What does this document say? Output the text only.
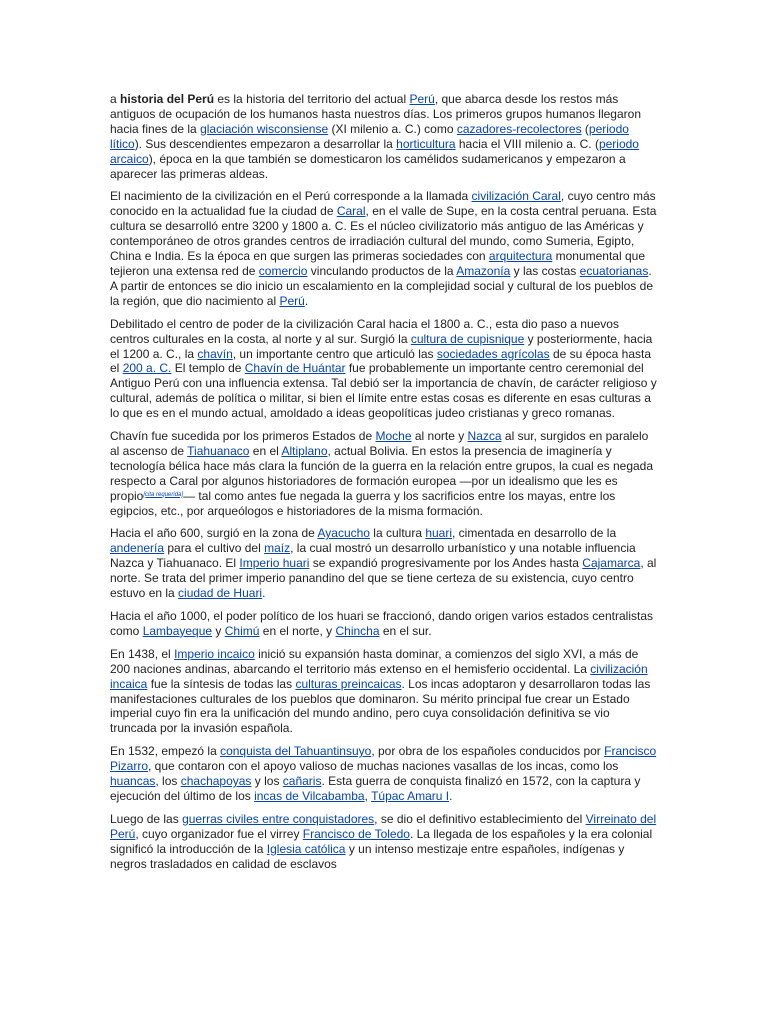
a historia del Perú es la historia del territorio del actual Perú, que abarca desde los restos más antiguos de ocupación de los humanos hasta nuestros días. Los primeros grupos humanos llegaron hacia fines de la glaciación wisconsiense (XI milenio a. C.) como cazadores-recolectores (periodo lítico). Sus descendientes empezaron a desarrollar la horticultura hacia el VIII milenio a. C. (periodo arcaico), época en la que también se domesticaron los camélidos sudamericanos y empezaron a aparecer las primeras aldeas.

El nacimiento de la civilización en el Perú corresponde a la llamada civilización Caral, cuyo centro más conocido en la actualidad fue la ciudad de Caral, en el valle de Supe, en la costa central peruana. Esta cultura se desarrolló entre 3200 y 1800 a. C. Es el núcleo civilizatorio más antiguo de las Américas y contemporáneo de otros grandes centros de irradiación cultural del mundo, como Sumeria, Egipto, China e India. Es la época en que surgen las primeras sociedades con arquitectura monumental que tejieron una extensa red de comercio vinculando productos de la Amazonía y las costas ecuatorianas. A partir de entonces se dio inicio un escalamiento en la complejidad social y cultural de los pueblos de la región, que dio nacimiento al Perú.

Debilitado el centro de poder de la civilización Caral hacia el 1800 a. C., esta dio paso a nuevos centros culturales en la costa, al norte y al sur. Surgió la cultura de cupisnique y posteriormente, hacia el 1200 a. C., la chavín, un importante centro que articuló las sociedades agrícolas de su época hasta el 200 a. C. El templo de Chavín de Huántar fue probablemente un importante centro ceremonial del Antiguo Perú con una influencia extensa. Tal debió ser la importancia de chavín, de carácter religioso y cultural, además de política o militar, si bien el límite entre estas cosas es diferente en esas culturas a lo que es en el mundo actual, amoldado a ideas geopolíticas judeo cristianas y greco romanas.

Chavín fue sucedida por los primeros Estados de Moche al norte y Nazca al sur, surgidos en paralelo al ascenso de Tiahuanaco en el Altiplano, actual Bolivia. En estos la presencia de imaginería y tecnología bélica hace más clara la función de la guerra en la relación entre grupos, la cual es negada respecto a Caral por algunos historiadores de formación europea —por un idealismo que les es propio[cita requerida]— tal como antes fue negada la guerra y los sacrificios entre los mayas, entre los egipcios, etc., por arqueólogos e historiadores de la misma formación.

Hacia el año 600, surgió en la zona de Ayacucho la cultura huari, cimentada en desarrollo de la andenería para el cultivo del maíz, la cual mostró un desarrollo urbanístico y una notable influencia Nazca y Tiahuanaco. El Imperio huari se expandió progresivamente por los Andes hasta Cajamarca, al norte. Se trata del primer imperio panandino del que se tiene certeza de su existencia, cuyo centro estuvo en la ciudad de Huari.

Hacia el año 1000, el poder político de los huari se fraccionó, dando origen varios estados centralistas como Lambayeque y Chimú en el norte, y Chincha en el sur.

En 1438, el Imperio incaico inició su expansión hasta dominar, a comienzos del siglo XVI, a más de 200 naciones andinas, abarcando el territorio más extenso en el hemisferio occidental. La civilización incaica fue la síntesis de todas las culturas preincaicas. Los incas adoptaron y desarrollaron todas las manifestaciones culturales de los pueblos que dominaron. Su mérito principal fue crear un Estado imperial cuyo fin era la unificación del mundo andino, pero cuya consolidación definitiva se vio truncada por la invasión española.

En 1532, empezó la conquista del Tahuantinsuyo, por obra de los españoles conducidos por Francisco Pizarro, que contaron con el apoyo valioso de muchas naciones vasallas de los incas, como los huancas, los chachapoyas y los cañaris. Esta guerra de conquista finalizó en 1572, con la captura y ejecución del último de los incas de Vilcabamba, Túpac Amaru I.

Luego de las guerras civiles entre conquistadores, se dio el definitivo establecimiento del Virreinato del Perú, cuyo organizador fue el virrey Francisco de Toledo. La llegada de los españoles y la era colonial significó la introducción de la Iglesia católica y un intenso mestizaje entre españoles, indígenas y negros trasladados en calidad de esclavos
